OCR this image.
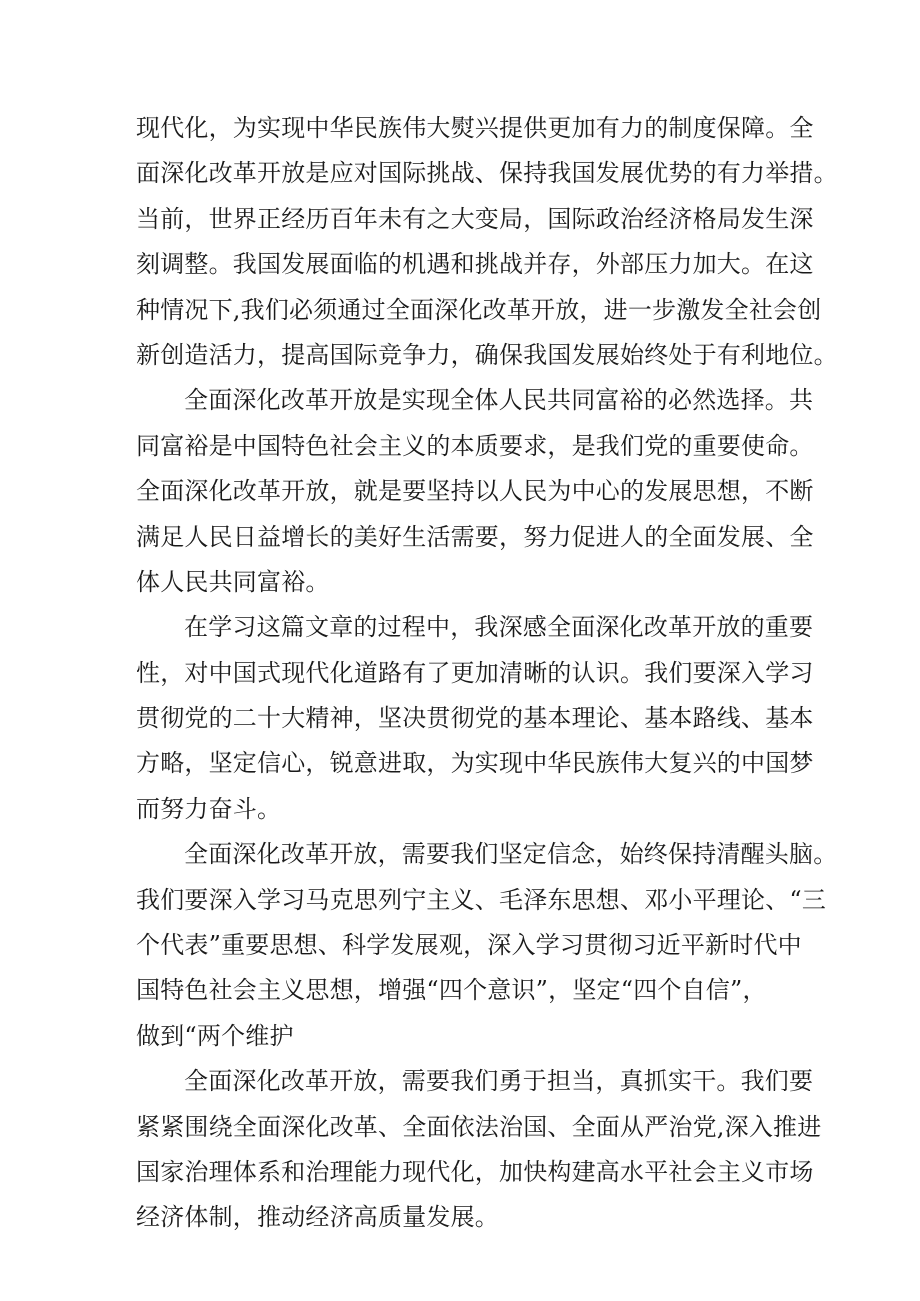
现代化，为实现中华民族伟大熨兴提供更加有力的制度保障。全
面深化改革开放是应对国际挑战、保持我国发展优势的有力举措。
当前，世界正经历百年未有之大变局，国际政治经济格局发生深
刻调整。我国发展面临的机遇和挑战并存，外部压力加大。在这
种情况下,我们必须通过全面深化改革开放，进一步激发全社会创
新创造活力，提高国际竞争力，确保我国发展始终处于有利地位。
全面深化改革开放是实现全体人民共同富裕的必然选择。共
同富裕是中国特色社会主义的本质要求，是我们党的重要使命。
全面深化改革开放，就是要坚持以人民为中心的发展思想，不断
满足人民日益增长的美好生活需要，努力促进人的全面发展、全
体人民共同富裕。
在学习这篇文章的过程中，我深感全面深化改革开放的重要
性，对中国式现代化道路有了更加清晰的认识。我们要深入学习
贯彻党的二十大精神，坚决贯彻党的基本理论、基本路线、基本
方略，坚定信心，锐意进取，为实现中华民族伟大复兴的中国梦
而努力奋斗。
全面深化改革开放，需要我们坚定信念，始终保持清醒头脑。
我们要深入学习马克思列宁主义、毛泽东思想、邓小平理论、“三
个代表”重要思想、科学发展观，深入学习贯彻习近平新时代中
国特色社会主义思想，增强“四个意识”，坚定“四个自信”，
做到“两个维护
全面深化改革开放，需要我们勇于担当，真抓实干。我们要
紧紧围绕全面深化改革、全面依法治国、全面从严治党,深入推进
国家治理体系和治理能力现代化，加快构建高水平社会主义市场
经济体制，推动经济高质量发展。
